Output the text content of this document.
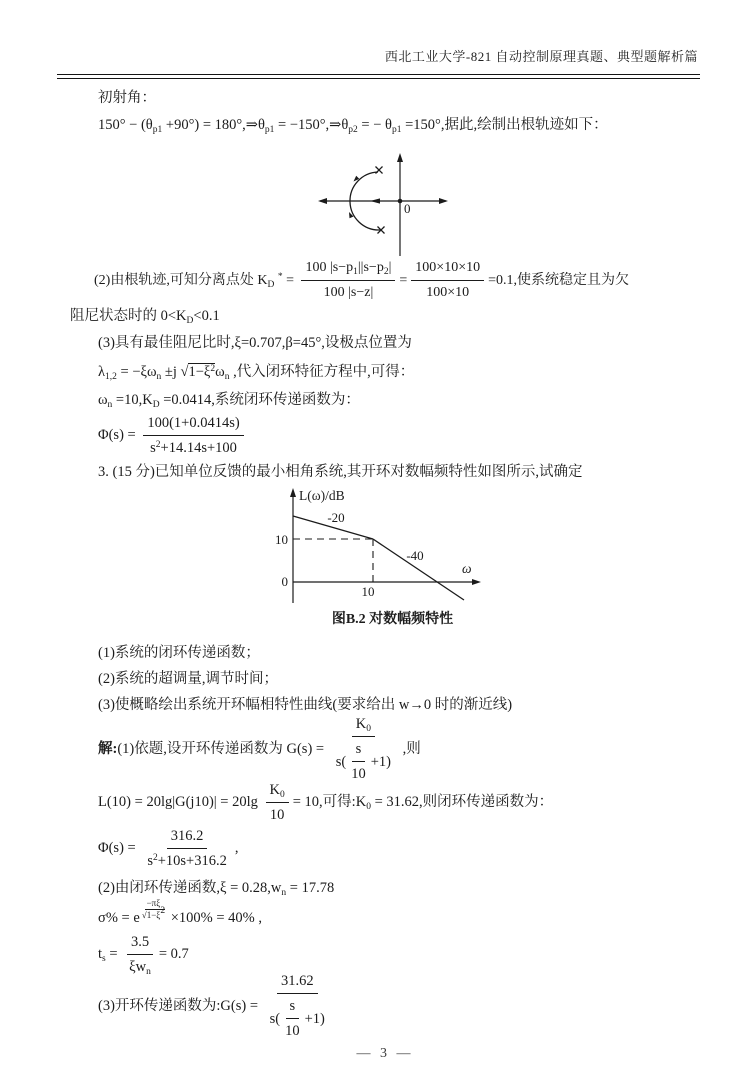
西北工业大学-821 自动控制原理真题、典型题解析篇

初射角：

$150^\circ - (\theta_{p1} +90^\circ)$ = $180^\circ,\Rightarrow\theta_{p1}$ = $-150^\circ,\Rightarrow\theta_{p2}$ = − $\theta_{p1} =150^\circ$,据此,绘制出根轨迹如下：

0
(2)由根轨迹,可知分离点处 $K_D$ $^* = \frac{100 |s-p_1||s-p_2|}{100 |s-z|} = \frac{100\times 10\times 10}{100\times 10} =0.1$,使系统稳定且为欠

阻尼状态时的 $0<K_D<0.1$

(3)具有最佳阻尼比时,ξ=0.707,β=45°,设极点位置为

$\lambda_{1,2} = -\xi\omega_n \pm j$ $√1-\xi^2\omega_n$ ,代入闭环特征方程中,可得：

$\omega_n =10,K_D =0.0414$,系统闭环传递函数为：

$\Phi(s) = \frac{100(1+0.0414s)}{s^2+14.14s+100}$

3. (15 分)已知单位反馈的最小相角系统,其开环对数幅频特性如图所示,试确定

L(ω)/dB
ω
10
0
10
-20
-40
图B.2 对数幅频特性

(1)系统的闭环传递函数；

(2)系统的超调量,调节时间；

(3)使概略绘出系统开环幅相特性曲线(要求给出 w→0 时的渐近线)

解: (1)依题,设开环传递函数为 G(s) =
$K_0$
$s( \frac{s}{10} +1)$
,则
$L(10) = 20\lg|G(j10)| = 20\lg \frac{K_0}{10} = 10$,可得$:K_0 = 31.62$,则闭环传递函数为：
$\Phi(s) = \frac{316.2}{s^2+10s+316.2}$ ,

(2)由闭环传递函数$,\xi = 0.28,w_n = 17.78$

σ% = e $\frac{-\pi\xi}{√1-\xi^2} \times 100\% = 40\%$ ,
$t_s = \frac{3.5}{\xi w_n} = 0.7$
(3)开环传递函数为:G(s) =
31.62
$s( \frac{s}{10} +1)$
— 3 —
